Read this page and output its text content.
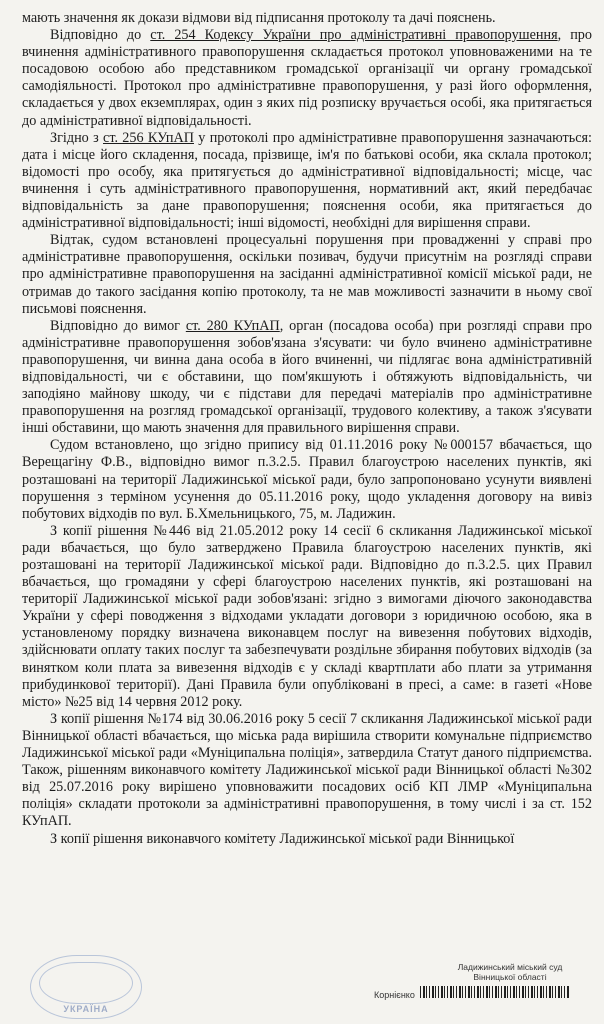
мають значення як докази відмови від підписання протоколу та дачі пояснень.

Відповідно до ст. 254 Кодексу України про адміністративні правопорушення, про вчинення адміністративного правопорушення складається протокол уповноваженими на те посадовою особою або представником громадської організації чи органу громадської самодіяльності. Протокол про адміністративне правопорушення, у разі його оформлення, складається у двох екземплярах, один з яких під розписку вручається особі, яка притягається до адміністративної відповідальності.

Згідно з ст. 256 КУпАП у протоколі про адміністративне правопорушення зазначаються: дата і місце його складення, посада, прізвище, ім'я по батькові особи, яка склала протокол; відомості про особу, яка притягується до адміністративної відповідальності; місце, час вчинення і суть адміністративного правопорушення, нормативний акт, який передбачає відповідальність за дане правопорушення; пояснення особи, яка притягається до адміністративної відповідальності; інші відомості, необхідні для вирішення справи.

Відтак, судом встановлені процесуальні порушення при провадженні у справі про адміністративне правопорушення, оскільки позивач, будучи присутнім на розгляді справи про адміністративне правопорушення на засіданні адміністративної комісії міської ради, не отримав до такого засідання копію протоколу, та не мав можливості зазначити в ньому свої письмові пояснення.

Відповідно до вимог ст. 280 КУпАП, орган (посадова особа) при розгляді справи про адміністративне правопорушення зобов'язана з'ясувати: чи було вчинено адміністративне правопорушення, чи винна дана особа в його вчиненні, чи підлягає вона адміністративній відповідальності, чи є обставини, що пом'якшують і обтяжують відповідальність, чи заподіяно майнову шкоду, чи є підстави для передачі матеріалів про адміністративне правопорушення на розгляд громадської організації, трудового колективу, а також з'ясувати інші обставини, що мають значення для правильного вирішення справи.

Судом встановлено, що згідно припису від 01.11.2016 року №000157 вбачається, що Верещагіну Ф.В., відповідно вимог п.3.2.5. Правил благоустрою населених пунктів, які розташовані на території Ладижинської міської ради, було запропоновано усунути виявлені порушення з терміном усунення до 05.11.2016 року, щодо укладення договору на вивіз побутових відходів по вул. Б.Хмельницького, 75, м. Ладижин.

З копії рішення №446 від 21.05.2012 року 14 сесії 6 скликання Ладижинської міської ради вбачається, що було затверджено Правила благоустрою населених пунктів, які розташовані на території Ладижинської міської ради. Відповідно до п.3.2.5. цих Правил вбачається, що громадяни у сфері благоустрою населених пунктів, які розташовані на території Ладижинської міської ради зобов'язані: згідно з вимогами діючого законодавства України у сфері поводження з відходами укладати договори з юридичною особою, яка в установленому порядку визначена виконавцем послуг на вивезення побутових відходів, здійснювати оплату таких послуг та забезпечувати роздільне збирання побутових відходів (за винятком коли плата за вивезення відходів є у складі квартплати або плати за утримання прибудинкової території). Дані Правила були опубліковані в пресі, а саме: в газеті «Нове місто» №25 від 14 червня 2012 року.

З копії рішення №174 від 30.06.2016 року 5 сесії 7 скликання Ладижинської міської ради Вінницької області вбачається, що міська рада вирішила створити комунальне підприємство Ладижинської міської ради «Муніципальна поліція», затвердила Статут даного підприємства. Також, рішенням виконавчого комітету Ладижинської міської ради Вінницької області №302 від 25.07.2016 року вирішено уповноважити посадових осіб КП ЛМР «Муніципальна поліція» складати протоколи за адміністративні правопорушення, в тому числі і за ст. 152 КУпАП.

З копії рішення виконавчого комітету Ладижинської міської ради Вінницької

УКРАЇНА
Ладижинський міський суд
Вінницької області
Корнієнко
